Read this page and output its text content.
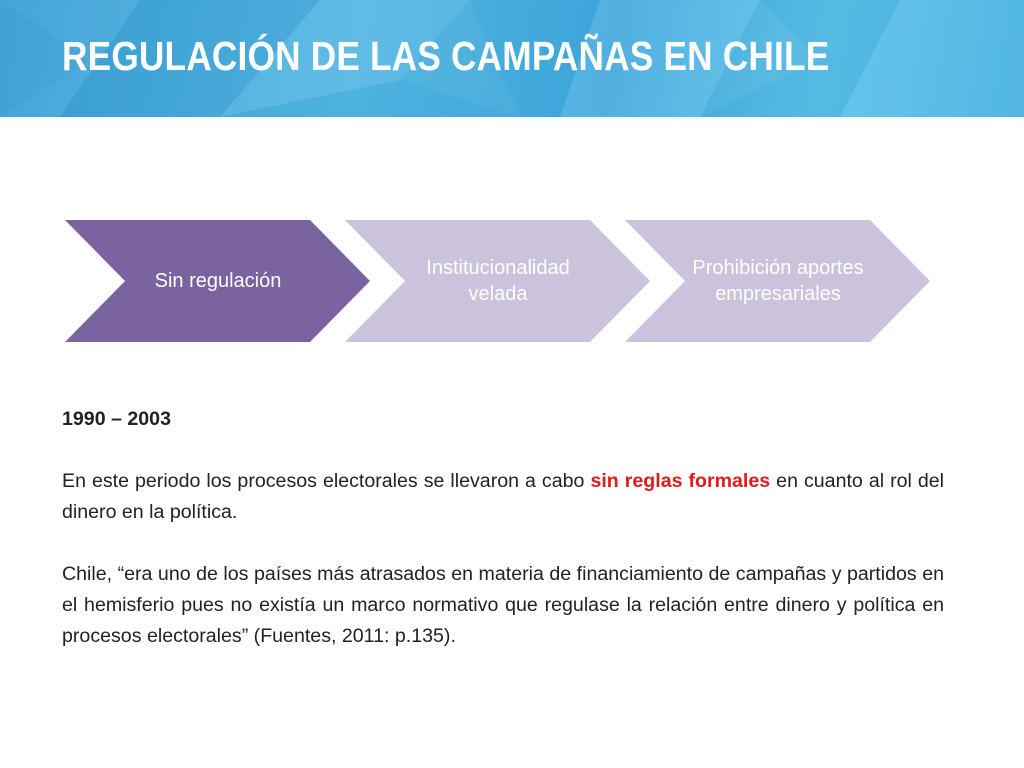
REGULACIÓN DE LAS CAMPAÑAS EN CHILE
Sin regulación
Institucionalidad velada
Prohibición aportes empresariales

1990 – 2003

En este periodo los procesos electorales se llevaron a cabo sin reglas formales en cuanto al rol del dinero en la política.

Chile, “era uno de los países más atrasados en materia de financiamiento de campañas y partidos en el hemisferio pues no existía un marco normativo que regulase la relación entre dinero y política en procesos electorales” (Fuentes, 2011: p.135).
